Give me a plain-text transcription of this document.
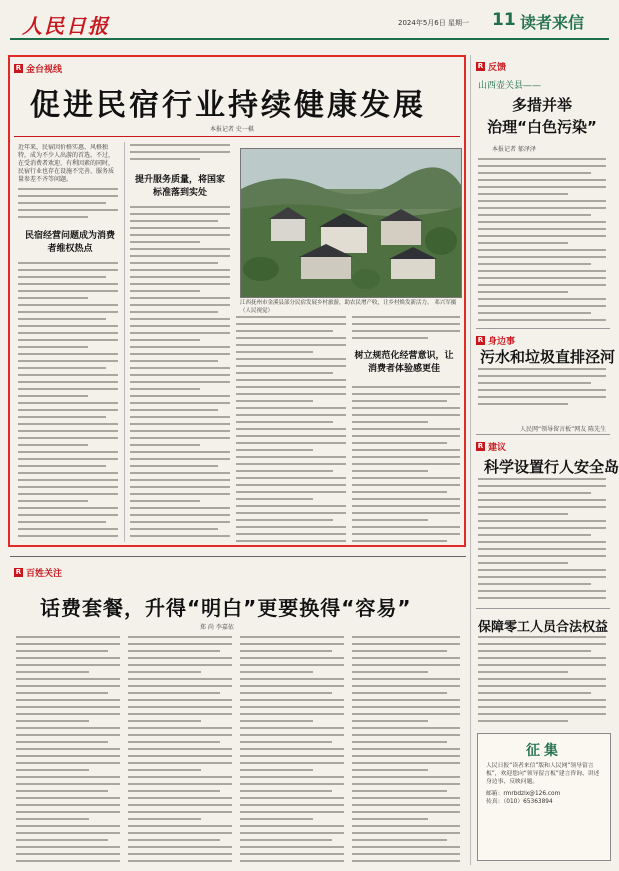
人民日报	2024年5月6日 星期一 11 读者来信
R 金台视线
促进民宿行业持续健康发展
本报记者 史一棋
近年来，民宿因价格实惠、风格独特，成为不少人出游的首选。不过，在受消费者欢迎、有利因素的同时，民宿行业也存在设施不完善、服务质量参差不齐等问题。
民宿经营问题成为消费者维权热点
提升服务质量，将国家标准落到实处
江西抚州市金溪县部分民宿发展乡村旅游，助农民增产收，让乡村焕发新活力。 邓兴军摄（人民视觉）
树立规范化经营意识，让消费者体验感更佳
R 反馈
山西壶关县——
多措并举
治理“白色污染”
本报记者 郁泽泽
R 身边事
污水和垃圾直排泾河
人民网“领导留言板”网友 陈先生
R 建议
科学设置行人安全岛
保障零工人员合法权益
征集
人民日报“读者来信”版和人民网“领导留言板”，欢迎您向“领导留言板”建言咨询、讲述身边事、反映问题。
邮箱：rmrbdzlx@126.com
传真：（010）65363894
R 百姓关注
话费套餐，升得“明白”更要换得“容易”
郑 尚 李嘉依
